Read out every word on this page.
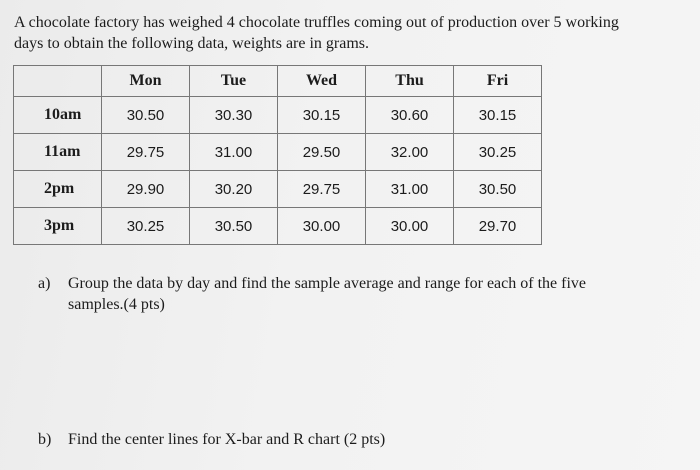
A chocolate factory has weighed 4 chocolate truffles coming out of production over 5 working

days to obtain the following data, weights are in grams.

	Mon	Tue	Wed	Thu	Fri
10am	30.50	30.30	30.15	30.60	30.15
11am	29.75	31.00	29.50	32.00	30.25
2pm	29.90	30.20	29.75	31.00	30.50
3pm	30.25	30.50	30.00	30.00	29.70
a) Group the data by day and find the sample average and range for each of the five
samples.(4 pts)
b) Find the center lines for X-bar and R chart (2 pts)
